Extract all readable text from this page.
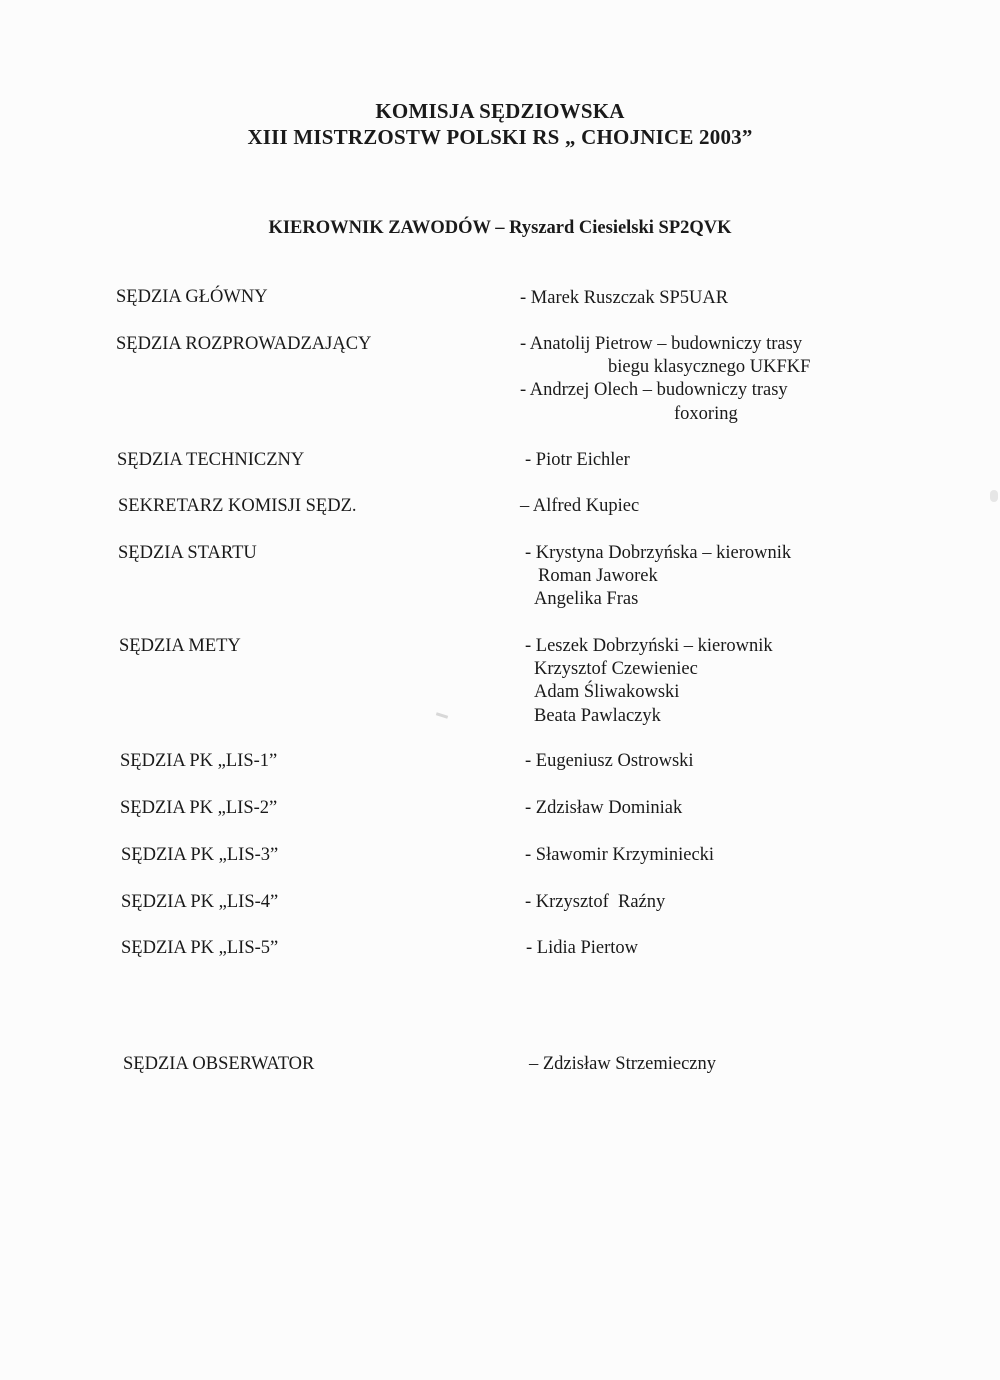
KOMISJA SĘDZIOWSKA
XIII MISTRZOSTW POLSKI RS „ CHOJNICE 2003”
KIEROWNIK ZAWODÓW – Ryszard Ciesielski SP2QVK
SĘDZIA GŁÓWNY	- Marek Ruszczak SP5UAR
SĘDZIA ROZPROWADZAJĄCY	- Anatolij Pietrow – budowniczy trasy
biegu klasycznego UKFKF
- Andrzej Olech – budowniczy trasy
foxoring
SĘDZIA TECHNICZNY	- Piotr Eichler
SEKRETARZ KOMISJI SĘDZ.	– Alfred Kupiec
SĘDZIA STARTU	- Krystyna Dobrzyńska – kierownik
Roman Jaworek
Angelika Fras
SĘDZIA METY	- Leszek Dobrzyński – kierownik
Krzysztof Czewieniec
Adam Śliwakowski
Beata Pawlaczyk
SĘDZIA PK „LIS-1”	- Eugeniusz Ostrowski
SĘDZIA PK „LIS-2”	- Zdzisław Dominiak
SĘDZIA PK „LIS-3”	- Sławomir Krzyminiecki
SĘDZIA PK „LIS-4”	- Krzysztof  Raźny
SĘDZIA PK „LIS-5”	- Lidia Piertow
SĘDZIA OBSERWATOR	– Zdzisław Strzemieczny
